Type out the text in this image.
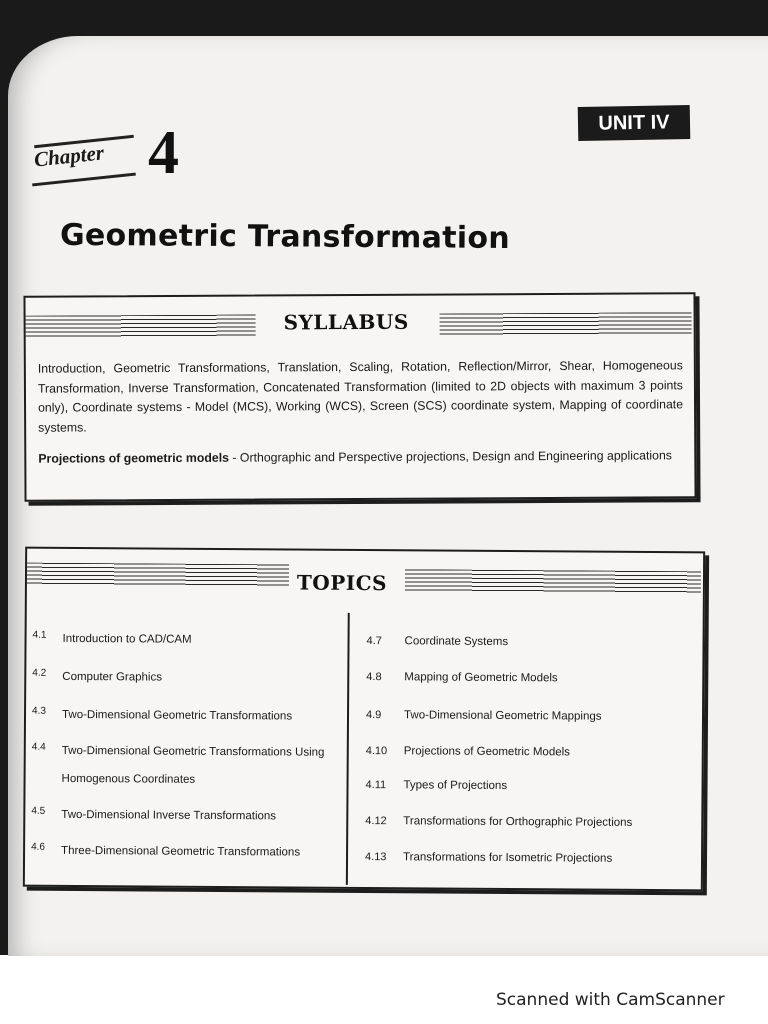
UNIT IV
Chapter 4
Geometric Transformation
SYLLABUS
Introduction, Geometric Transformations, Translation, Scaling, Rotation, Reflection/Mirror, Shear, Homogeneous Transformation, Inverse Transformation, Concatenated Transformation (limited to 2D objects with maximum 3 points only), Coordinate systems - Model (MCS), Working (WCS), Screen (SCS) coordinate system, Mapping of coordinate systems.
Projections of geometric models - Orthographic and Perspective projections, Design and Engineering applications
TOPICS
4.1 Introduction to CAD/CAM
4.2 Computer Graphics
4.3 Two-Dimensional Geometric Transformations
4.4 Two-Dimensional Geometric Transformations Using
Homogenous Coordinates
4.5 Two-Dimensional Inverse Transformations
4.6 Three-Dimensional Geometric Transformations
4.7 Coordinate Systems
4.8 Mapping of Geometric Models
4.9 Two-Dimensional Geometric Mappings
4.10 Projections of Geometric Models
4.11 Types of Projections
4.12 Transformations for Orthographic Projections
4.13 Transformations for Isometric Projections
Scanned with CamScanner
